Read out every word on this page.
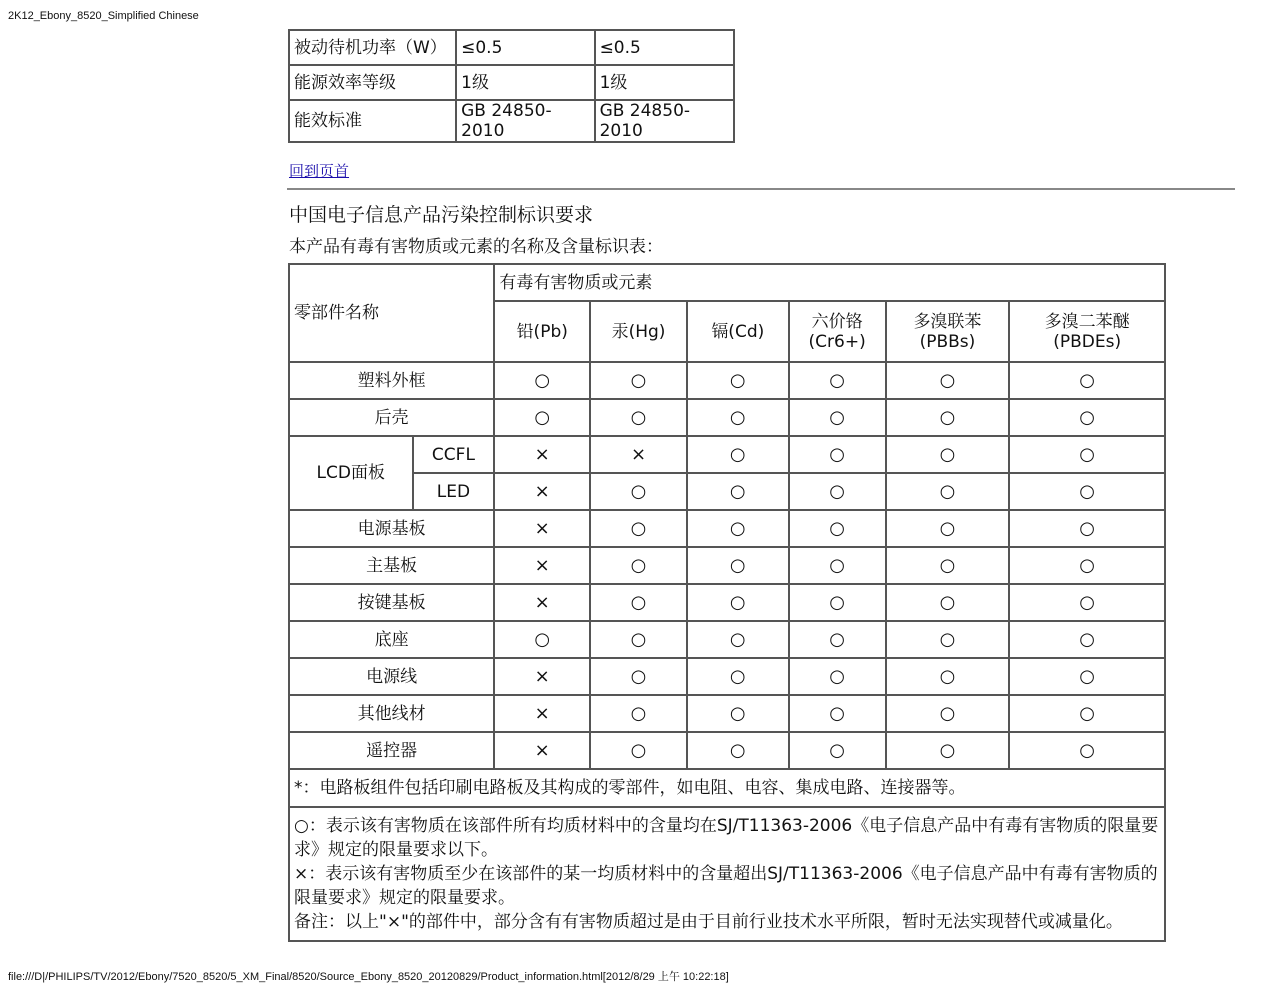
2K12_Ebony_8520_Simplified Chinese
被动待机功率（W）	≤0.5	≤0.5
能源效率等级	1级	1级
能效标准	GB 24850-2010	GB 24850-2010
回到页首
中国电子信息产品污染控制标识要求
本产品有毒有害物质或元素的名称及含量标识表：
零部件名称		有毒有害物质或元素					
		铅(Pb)	汞(Hg)	镉(Cd)	六价铬 (Cr6+)	多溴联苯 (PBBs)	多溴二苯醚 (PBDEs)
塑料外框		○	○	○	○	○	○
后壳		○	○	○	○	○	○
LCD面板	CCFL	×	×	○	○	○	○
	LED	×	○	○	○	○	○
电源基板		×	○	○	○	○	○
主基板		×	○	○	○	○	○
按键基板		×	○	○	○	○	○
底座		○	○	○	○	○	○
电源线		×	○	○	○	○	○
其他线材		×	○	○	○	○	○
遥控器		×	○	○	○	○	○
*：电路板组件包括印刷电路板及其构成的零部件，如电阻、电容、集成电路、连接器等。							

○：表示该有害物质在该部件所有均质材料中的含量均在SJ/T11363-2006《电子信息产品中有毒有害物质的限量要求》规定的限量要求以下。
×：表示该有害物质至少在该部件的某一均质材料中的含量超出SJ/T11363-2006《电子信息产品中有毒有害物质的限量要求》规定的限量要求。
备注：以上"×"的部件中，部分含有有害物质超过是由于目前行业技术水平所限，暂时无法实现替代或减量化。							
file:///D|/PHILIPS/TV/2012/Ebony/7520_8520/5_XM_Final/8520/Source_Ebony_8520_20120829/Product_information.html[2012/8/29 上午 10:22:18]
